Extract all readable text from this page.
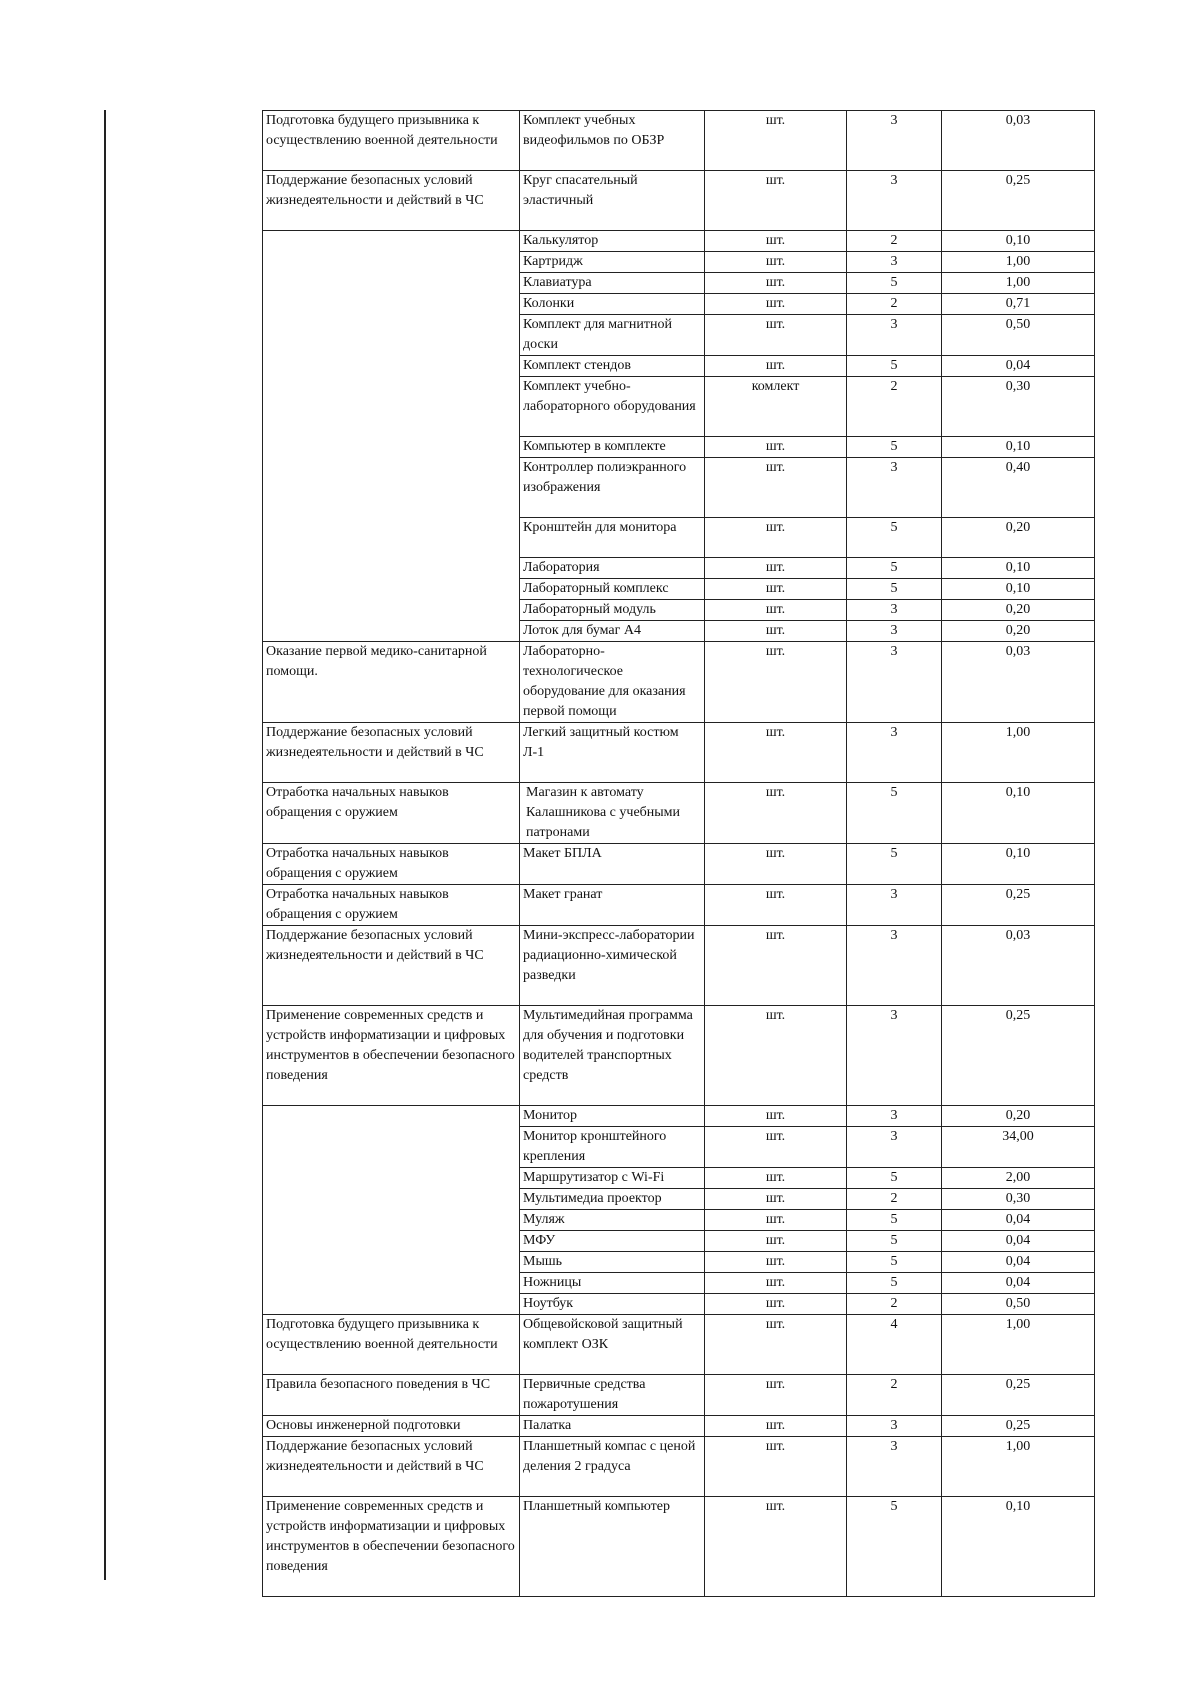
Подготовка будущего призывника к осуществлению военной деятельности	Комплект учебных видеофильмов по ОБЗР	шт.	3	0,03
Поддержание безопасных условий жизнедеятельности и действий в ЧС	Круг спасательный эластичный	шт.	3	0,25
	Калькулятор	шт.	2	0,10
	Картридж	шт.	3	1,00
	Клавиатура	шт.	5	1,00
	Колонки	шт.	2	0,71
	Комплект для магнитной доски	шт.	3	0,50
	Комплект стендов	шт.	5	0,04
	Комплект учебно-лабораторного оборудования	комлект	2	0,30
	Компьютер в комплекте	шт.	5	0,10
	Контроллер полиэкранного изображения	шт.	3	0,40
	Кронштейн для монитора	шт.	5	0,20
	Лаборатория	шт.	5	0,10
	Лабораторный комплекс	шт.	5	0,10
	Лабораторный модуль	шт.	3	0,20
	Лоток для бумаг А4	шт.	3	0,20
Оказание первой медико-санитарной помощи.	Лабораторно-технологическое оборудование для оказания первой помощи	шт.	3	0,03
Поддержание безопасных условий жизнедеятельности и действий в ЧС	Легкий защитный костюм Л-1	шт.	3	1,00
Отработка начальных навыков обращения с оружием	Магазин к автомату Калашникова с учебными патронами	шт.	5	0,10
Отработка начальных навыков обращения с оружием	Макет БПЛА	шт.	5	0,10
Отработка начальных навыков обращения с оружием	Макет гранат	шт.	3	0,25
Поддержание безопасных условий жизнедеятельности и действий в ЧС	Мини-экспресс-лаборатории радиационно-химической разведки	шт.	3	0,03
Применение современных средств и устройств информатизации и цифровых инструментов в обеспечении безопасного поведения	Мультимедийная программа для обучения и подготовки водителей транспортных средств	шт.	3	0,25
	Монитор	шт.	3	0,20
	Монитор кронштейного крепления	шт.	3	34,00
	Маршрутизатор с Wi-Fi	шт.	5	2,00
	Мультимедиа проектор	шт.	2	0,30
	Муляж	шт.	5	0,04
	МФУ	шт.	5	0,04
	Мышь	шт.	5	0,04
	Ножницы	шт.	5	0,04
	Ноутбук	шт.	2	0,50
Подготовка будущего призывника к осуществлению военной деятельности	Общевойсковой защитный комплект ОЗК	шт.	4	1,00
Правила безопасного поведения в ЧС	Первичные средства пожаротушения	шт.	2	0,25
Основы инженерной подготовки	Палатка	шт.	3	0,25
Поддержание безопасных условий жизнедеятельности и действий в ЧС	Планшетный компас с ценой деления 2 градуса	шт.	3	1,00
Применение современных средств и устройств информатизации и цифровых инструментов в обеспечении безопасного поведения	Планшетный компьютер	шт.	5	0,10
